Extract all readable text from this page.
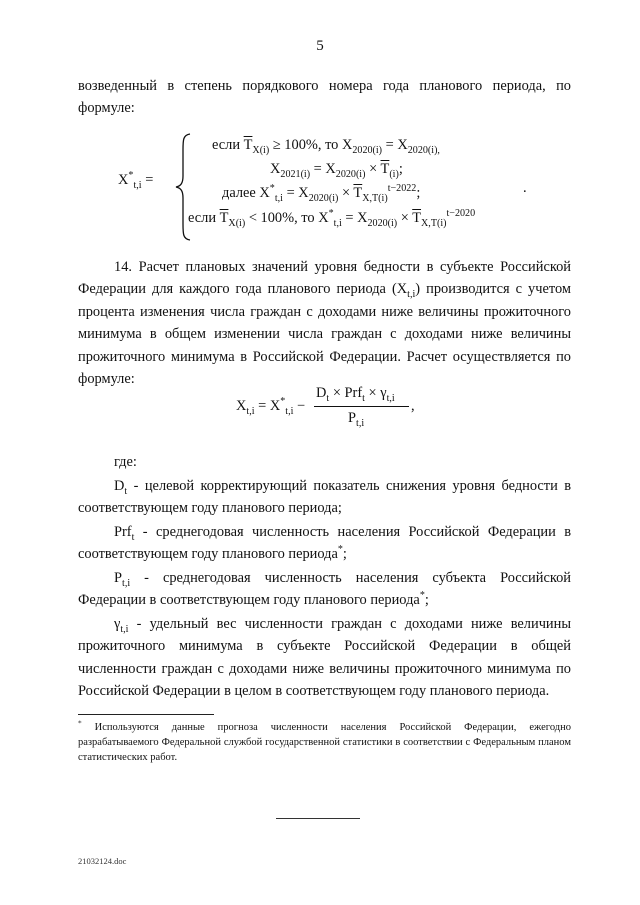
5

возведенный в степень порядкового номера года планового периода, по формуле:

$X^*_{t,i}$ =
если $\overline{T}_{X(i)} \ge 100\%$, то $X_{2020(i)} = X_{2020(i),}$
$X_{2021(i)} = X_{2020(i)} \times \overline{T}_{(i)}$;
далее $X^*_{t,i} = X_{2020(i)} \times \overline{T}_{X,T(i)}^{t-2022}$;
если $\overline{T}_{X(i)} < 100\%$, то $X^*_{t,i} = X_{2020(i)} \times \overline{T}_{X,T(i)}^{t-2020}$
.

14. Расчет плановых значений уровня бедности в субъекте Российской Федерации для каждого года планового периода $(X_{t,i})$ производится с учетом процента изменения числа граждан с доходами ниже величины прожиточного минимума в общем изменении числа граждан с доходами ниже величины прожиточного минимума в Российской Федерации. Расчет осуществляется по формуле:

$X_{t,i} = X^*_{t,i}$ −
$D_t \times Prf_t \times \gamma_{t,i}$
$P_{t,i}$
,

где:

$D_t$ - целевой корректирующий показатель снижения уровня бедности в соответствующем году планового периода;

Prf$_t$ - среднегодовая численность населения Российской Федерации в соответствующем году планового периода*;

$P_{t,i}$ - среднегодовая численность населения субъекта Российской Федерации в соответствующем году планового периода*;

$\gamma_{t,i}$ - удельный вес численности граждан с доходами ниже величины прожиточного минимума в субъекте Российской Федерации в общей численности граждан с доходами ниже величины прожиточного минимума по Российской Федерации в целом в соответствующем году планового периода.

* Используются данные прогноза численности населения Российской Федерации, ежегодно разрабатываемого Федеральной службой государственной статистики в соответствии с Федеральным планом статистических работ.

21032124.doc
